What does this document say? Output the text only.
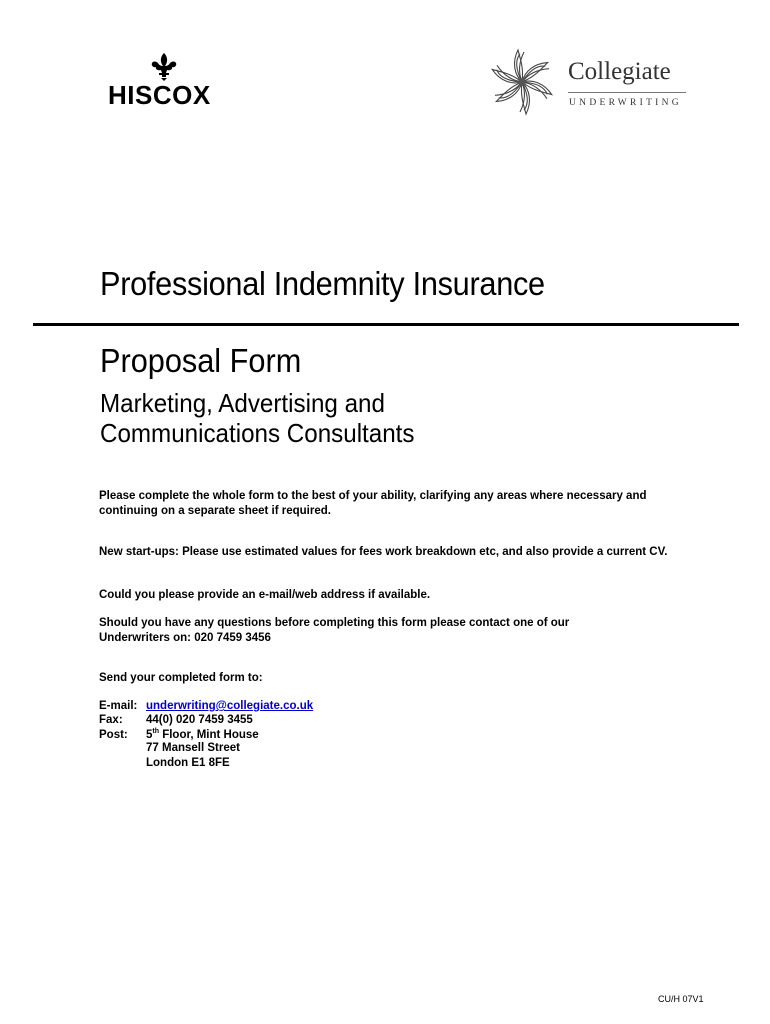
HISCOX
Collegiate
UNDERWRITING
Professional Indemnity Insurance
Proposal Form
Marketing, Advertising and
Communications Consultants
Please complete the whole form to the best of your ability, clarifying any areas where necessary and
continuing on a separate sheet if required.
New start-ups: Please use estimated values for fees work breakdown etc, and also provide a current CV.
Could you please provide an e-mail/web address if available.
Should you have any questions before completing this form please contact one of our
Underwriters on: 020 7459 3456
Send your completed form to:
E-mail: underwriting@collegiate.co.uk
Fax: 44(0) 020 7459 3455
Post: 5th Floor, Mint House
77 Mansell Street
London E1 8FE
CU/H 07V1
